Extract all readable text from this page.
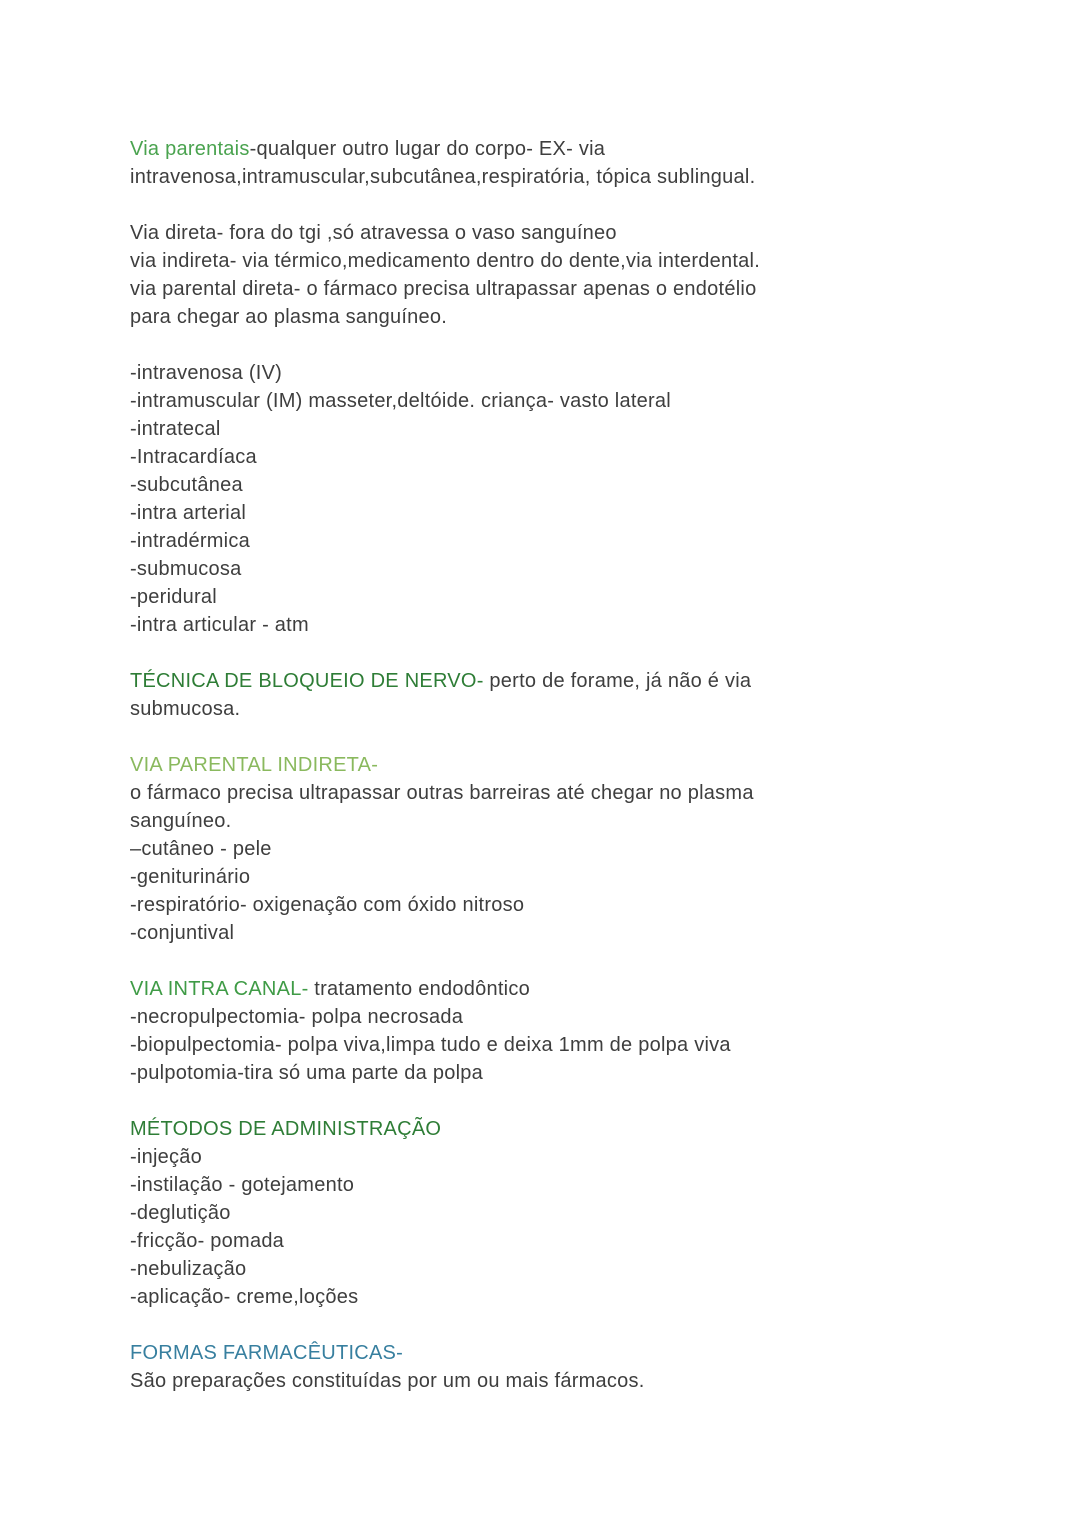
Via parentais-qualquer outro lugar do corpo- EX- via
intravenosa,intramuscular,subcutânea,respiratória, tópica sublingual.
Via direta- fora do tgi ,só atravessa o vaso sanguíneo
via indireta- via térmico,medicamento dentro do dente,via interdental.
via parental direta- o fármaco precisa ultrapassar apenas o endotélio
para chegar ao plasma sanguíneo.
-intravenosa (IV)
-intramuscular (IM) masseter,deltóide. criança- vasto lateral
-intratecal
-Intracardíaca
-subcutânea
-intra arterial
-intradérmica
-submucosa
-peridural
-intra articular - atm
TÉCNICA DE BLOQUEIO DE NERVO- perto de forame, já não é via
submucosa.
VIA PARENTAL INDIRETA-
o fármaco precisa ultrapassar outras barreiras até chegar no plasma
sanguíneo.
–cutâneo - pele
-geniturinário
-respiratório- oxigenação com óxido nitroso
-conjuntival
VIA INTRA CANAL- tratamento endodôntico
-necropulpectomia- polpa necrosada
-biopulpectomia- polpa viva,limpa tudo e deixa 1mm de polpa viva
-pulpotomia-tira só uma parte da polpa
MÉTODOS DE ADMINISTRAÇÃO
-injeção
-instilação - gotejamento
-deglutição
-fricção- pomada
-nebulização
-aplicação- creme,loções
FORMAS FARMACÊUTICAS-
São preparações constituídas por um ou mais fármacos.
